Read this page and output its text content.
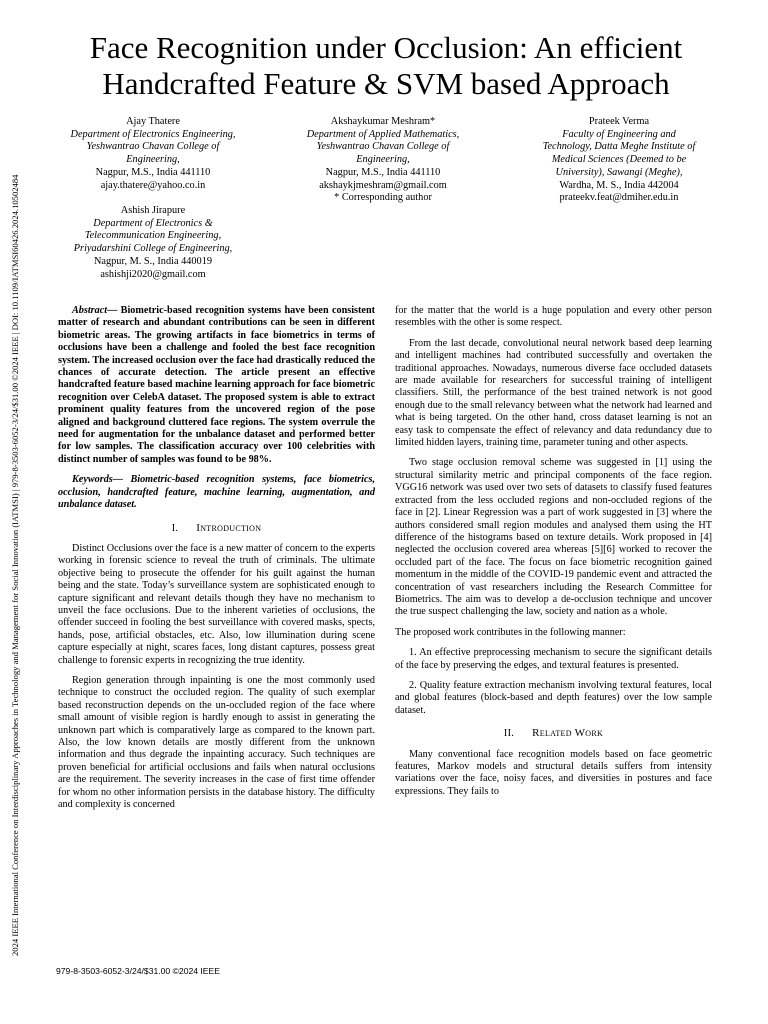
2024 IEEE International Conference on Interdisciplinary Approaches in Technology and Management for Social Innovation (IATMSI) | 979-8-3503-6052-3/24/$31.00 ©2024 IEEE | DOI: 10.1109/IATMSI60426.2024.10502484
Face Recognition under Occlusion: An efficient
Handcrafted Feature & SVM based Approach
Ajay Thatere
Department of Electronics Engineering,
Yeshwantrao Chavan College of
Engineering,
Nagpur, M.S., India 441110
ajay.thatere@yahoo.co.in
Akshaykumar Meshram*
Department of Applied Mathematics,
Yeshwantrao Chavan College of
Engineering,
Nagpur, M.S., India 441110
akshaykjmeshram@gmail.com
* Corresponding author
Prateek Verma
Faculty of Engineering and
Technology, Datta Meghe Institute of
Medical Sciences (Deemed to be
University), Sawangi (Meghe),
Wardha, M. S., India 442004
prateekv.feat@dmiher.edu.in
Ashish Jirapure
Department of Electronics &
Telecommunication Engineering,
Priyadarshini College of Engineering,
Nagpur, M. S., India 440019
ashishji2020@gmail.com

Abstract— Biometric-based recognition systems have been consistent matter of research and abundant contributions can be seen in different biometric areas. The growing artifacts in face biometrics in terms of occlusions have been a challenge and fooled the best face recognition system. The increased occlusion over the face had drastically reduced the chances of accurate detection. The article present an effective handcrafted feature based machine learning approach for face biometric recognition over CelebA dataset. The proposed system is able to extract prominent quality features from the uncovered region of the pose aligned and background cluttered face regions. The system overrule the need for augmentation for the unbalance dataset and performed better for low samples. The classification accuracy over 100 celebrities with distinct number of samples was found to be 98%.

Keywords— Biometric-based recognition systems, face biometrics, occlusion, handcrafted feature, machine learning, augmentation, and unbalance dataset.

I. Introduction

Distinct Occlusions over the face is a new matter of concern to the experts working in forensic science to reveal the truth of criminals. The ultimate objective being to prosecute the offender for his guilt against the human being and the state. Today’s surveillance system are sophisticated enough to capture significant and relevant details though they have no mechanism to unveil the face occlusions. Due to the inherent varieties of occlusions, the offender succeed in fooling the best surveillance with covered masks, spects, hands, pose, artificial obstacles, etc. Also, low illumination during scene capture especially at night, scares faces, long distant captures, possess great challenge to forensic experts in recognizing the true identity.

Region generation through inpainting is one the most commonly used technique to construct the occluded region. The quality of such exemplar based reconstruction depends on the un-occluded region of the face where small amount of visible region is hardly enough to assist in generating the unknown part which is comparatively large as compared to the known part. Also, the low known details are mostly different from the unknown information and thus degrade the inpainting accuracy. Such techniques are proven beneficial for artificial occlusions and fails when natural occlusions are the requirement. The severity increases in the case of first time offender for whom no other information persists in the database history. The difficulty and complexity is concerned

for the matter that the world is a huge population and every other person resembles with the other is some respect.

From the last decade, convolutional neural network based deep learning and intelligent machines had contributed successfully and overtaken the traditional approaches. Nowadays, numerous diverse face occluded datasets are made available for researchers for successful training of intelligent classifiers. Still, the performance of the best trained network is not good enough due to the small relevancy between what the network had learned and what is being targeted. On the other hand, cross dataset learning is not an easy task to compensate the effect of relevancy and data redundancy due to limited hidden layers, training time, parameter tuning and other aspects.

Two stage occlusion removal scheme was suggested in [1] using the structural similarity metric and principal components of the face region. VGG16 network was used over two sets of datasets to classify fused features extracted from the less occluded regions and non-occluded regions of the face in [2]. Linear Regression was a part of work suggested in [3] where the authors considered small region modules and analysed them using the HT difference of the histograms based on texture details. Work proposed in [4] neglected the occlusion covered area whereas [5][6] worked to recover the occluded part of the face. The focus on face biometric recognition gained momentum in the middle of the COVID-19 pandemic event and attracted the concentration of vast researchers including the Research Committee for Biometrics. The aim was to develop a de-occlusion technique and uncover the true suspect challenging the law, society and nation as a whole.

The proposed work contributes in the following manner:

1. An effective preprocessing mechanism to secure the significant details of the face by preserving the edges, and textural features is presented.

2. Quality feature extraction mechanism involving textural features, local and global features (block-based and depth features) over the low sample dataset.

II. Related Work

Many conventional face recognition models based on face geometric features, Markov models and structural details suffers from intensity variations over the face, noisy faces, and diversities in postures and face expressions. They fails to

979-8-3503-6052-3/24/$31.00 ©2024 IEEE
